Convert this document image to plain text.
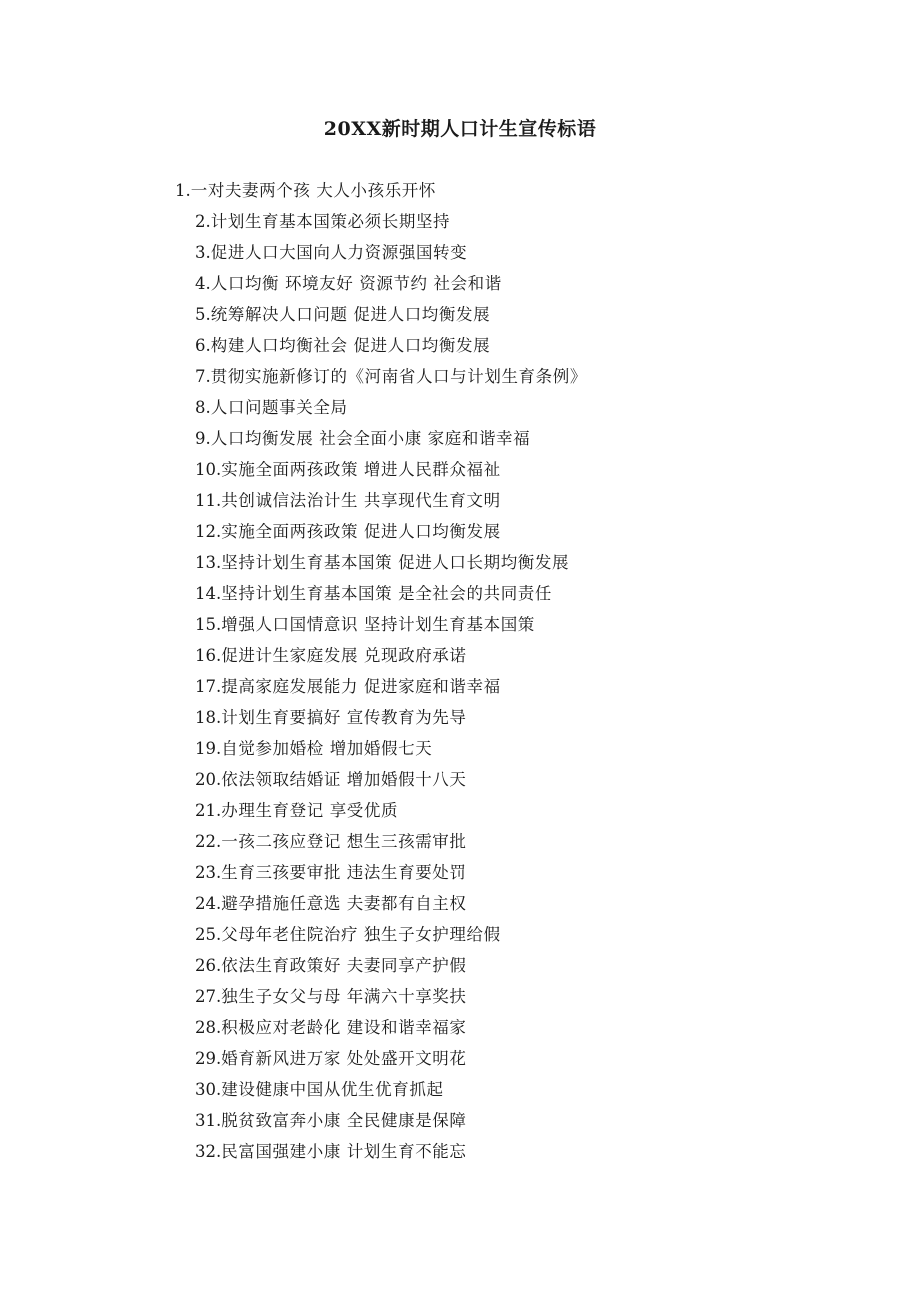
20XX新时期人口计生宣传标语
1.一对夫妻两个孩 大人小孩乐开怀
2.计划生育基本国策必须长期坚持
3.促进人口大国向人力资源强国转变
4.人口均衡 环境友好 资源节约 社会和谐
5.统筹解决人口问题 促进人口均衡发展
6.构建人口均衡社会 促进人口均衡发展
7.贯彻实施新修订的《河南省人口与计划生育条例》
8.人口问题事关全局
9.人口均衡发展 社会全面小康 家庭和谐幸福
10.实施全面两孩政策 增进人民群众福祉
11.共创诚信法治计生 共享现代生育文明
12.实施全面两孩政策 促进人口均衡发展
13.坚持计划生育基本国策 促进人口长期均衡发展
14.坚持计划生育基本国策 是全社会的共同责任
15.增强人口国情意识 坚持计划生育基本国策
16.促进计生家庭发展 兑现政府承诺
17.提高家庭发展能力 促进家庭和谐幸福
18.计划生育要搞好 宣传教育为先导
19.自觉参加婚检 增加婚假七天
20.依法领取结婚证 增加婚假十八天
21.办理生育登记 享受优质
22.一孩二孩应登记 想生三孩需审批
23.生育三孩要审批 违法生育要处罚
24.避孕措施任意选 夫妻都有自主权
25.父母年老住院治疗 独生子女护理给假
26.依法生育政策好 夫妻同享产护假
27.独生子女父与母 年满六十享奖扶
28.积极应对老龄化 建设和谐幸福家
29.婚育新风进万家 处处盛开文明花
30.建设健康中国从优生优育抓起
31.脱贫致富奔小康 全民健康是保障
32.民富国强建小康 计划生育不能忘
